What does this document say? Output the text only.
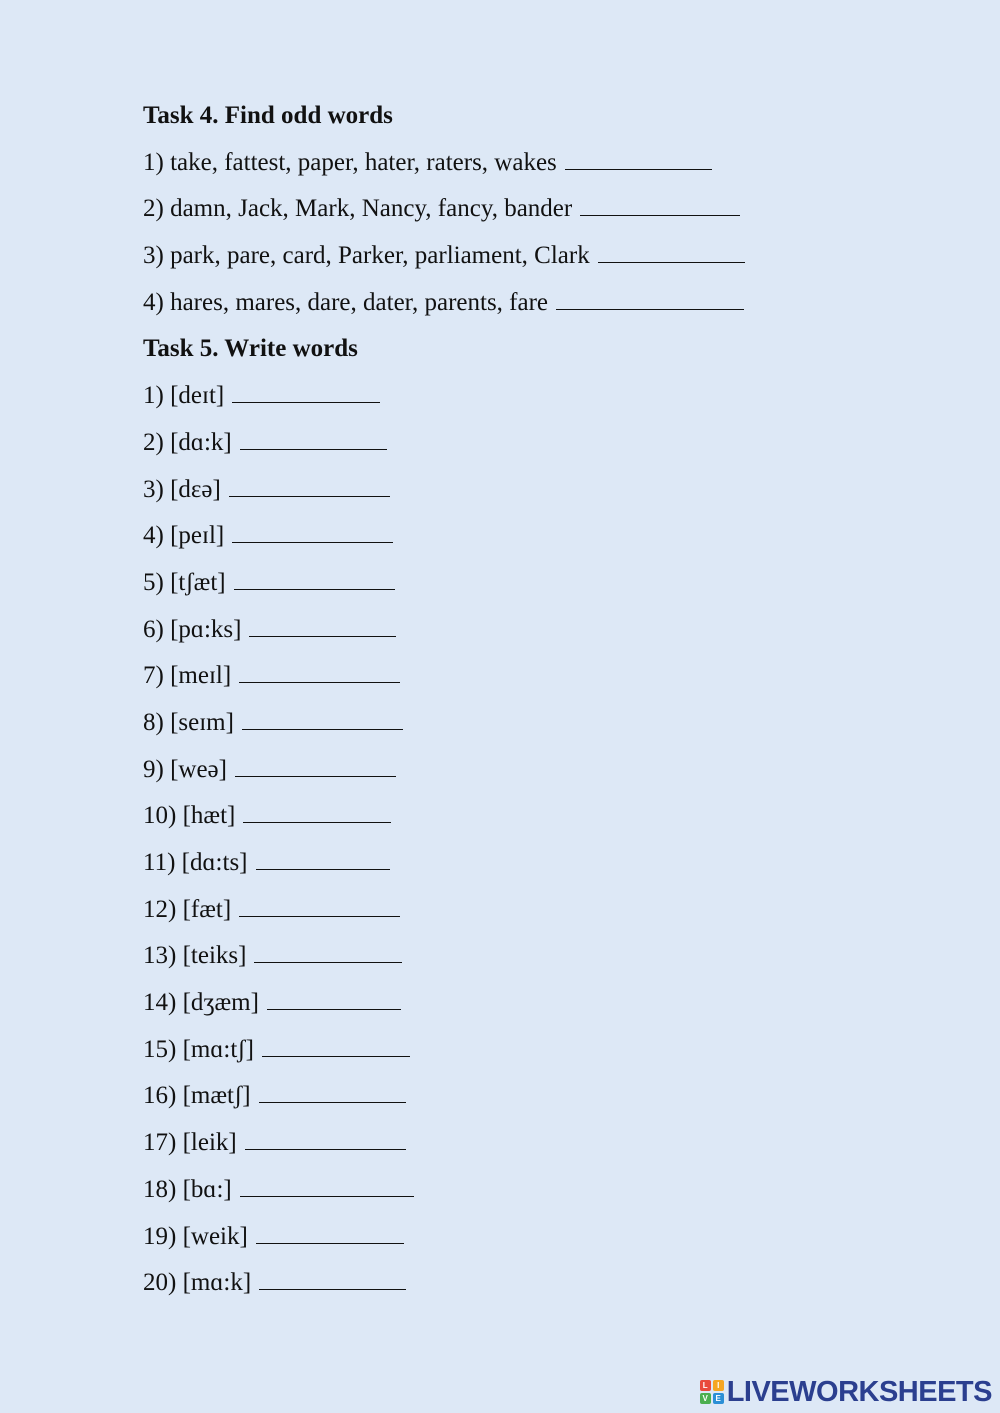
Task 4. Find odd words
1) take, fattest, paper, hater, raters, wakes
2) damn, Jack, Mark, Nancy, fancy, bander
3) park, pare, card, Parker, parliament, Clark
4) hares, mares, dare, dater, parents, fare
Task 5. Write words
1) [deɪt]
2) [dɑ:k]
3) [dɛə]
4) [peɪl]
5) [tʃæt]
6) [pɑ:ks]
7) [meɪl]
8) [seɪm]
9) [weə]
10) [hæt]
11) [dɑ:ts]
12) [fæt]
13) [teiks]
14) [dʒæm]
15) [mɑ:tʃ]
16) [mætʃ]
17) [leik]
18) [bɑ:]
19) [weik]
20) [mɑ:k]
L	I
V E LIVEWORKSHEETS
